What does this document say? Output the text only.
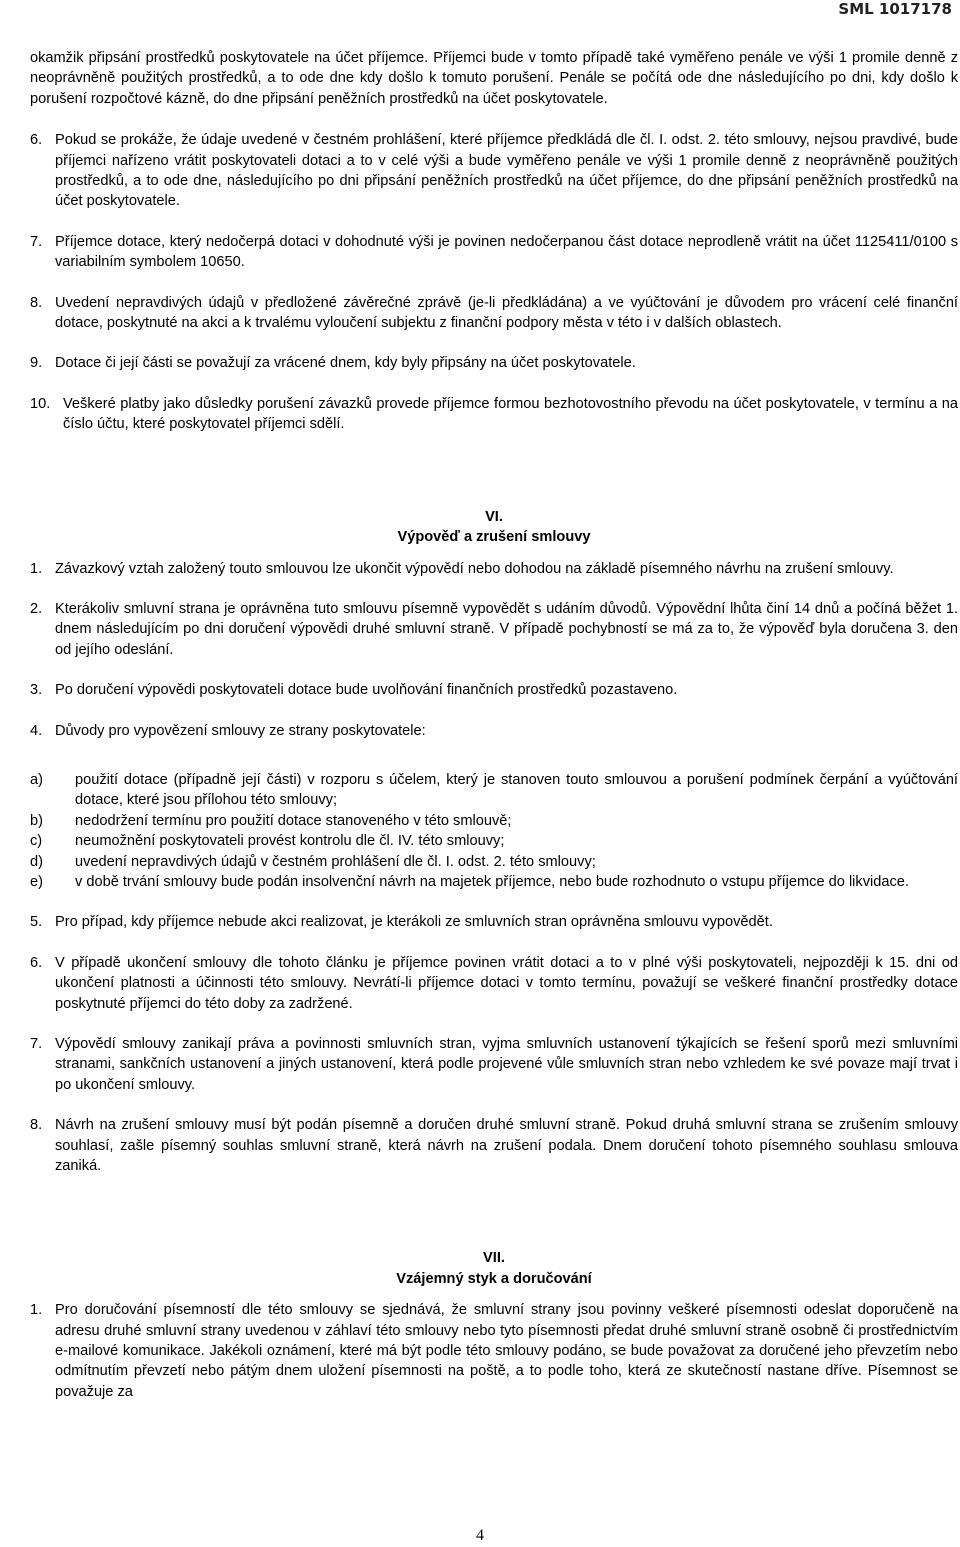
SML 1017178

okamžik připsání prostředků poskytovatele na účet příjemce. Příjemci bude v tomto případě také vyměřeno penále ve výši 1 promile denně z neoprávněně použitých prostředků, a to ode dne kdy došlo k tomuto porušení. Penále se počítá ode dne následujícího po dni, kdy došlo k porušení rozpočtové kázně, do dne připsání peněžních prostředků na účet poskytovatele.

6. Pokud se prokáže, že údaje uvedené v čestném prohlášení, které příjemce předkládá dle čl. I. odst. 2. této smlouvy, nejsou pravdivé, bude příjemci nařízeno vrátit poskytovateli dotaci a to v celé výši a bude vyměřeno penále ve výši 1 promile denně z neoprávněně použitých prostředků, a to ode dne, následujícího po dni připsání peněžních prostředků na účet příjemce, do dne připsání peněžních prostředků na účet poskytovatele.
7. Příjemce dotace, který nedočerpá dotaci v dohodnuté výši je povinen nedočerpanou část dotace neprodleně vrátit na účet 1125411/0100 s variabilním symbolem 10650.
8. Uvedení nepravdivých údajů v předložené závěrečné zprávě (je-li předkládána) a ve vyúčtování je důvodem pro vrácení celé finanční dotace, poskytnuté na akci a k trvalému vyloučení subjektu z finanční podpory města v této i v dalších oblastech.
9. Dotace či její části se považují za vrácené dnem, kdy byly připsány na účet poskytovatele.
10. Veškeré platby jako důsledky porušení závazků provede příjemce formou bezhotovostního převodu na účet poskytovatele, v termínu a na číslo účtu, které poskytovatel příjemci sdělí.
VI.
Výpověď a zrušení smlouvy
1. Závazkový vztah založený touto smlouvou lze ukončit výpovědí nebo dohodou na základě písemného návrhu na zrušení smlouvy.
2. Kterákoliv smluvní strana je oprávněna tuto smlouvu písemně vypovědět s udáním důvodů. Výpovědní lhůta činí 14 dnů a počíná běžet 1. dnem následujícím po dni doručení výpovědi druhé smluvní straně. V případě pochybností se má za to, že výpověď byla doručena 3. den od jejího odeslání.
3. Po doručení výpovědi poskytovateli dotace bude uvolňování finančních prostředků pozastaveno.
4. Důvody pro vypovězení smlouvy ze strany poskytovatele:
a)	použití dotace (případně její části) v rozporu s účelem, který je stanoven touto smlouvou a porušení podmínek čerpání a vyúčtování dotace, které jsou přílohou této smlouvy;
b)	nedodržení termínu pro použití dotace stanoveného v této smlouvě;
c)	neumožnění poskytovateli provést kontrolu dle čl. IV. této smlouvy;
d)	uvedení nepravdivých údajů v čestném prohlášení dle čl. I. odst. 2. této smlouvy;
e)	v době trvání smlouvy bude podán insolvenční návrh na majetek příjemce, nebo bude rozhodnuto o vstupu příjemce do likvidace.
5. Pro případ, kdy příjemce nebude akci realizovat, je kterákoli ze smluvních stran oprávněna smlouvu vypovědět.
6. V případě ukončení smlouvy dle tohoto článku je příjemce povinen vrátit dotaci a to v plné výši poskytovateli, nejpozději k 15. dni od ukončení platnosti a účinnosti této smlouvy. Nevrátí-li příjemce dotaci v tomto termínu, považují se veškeré finanční prostředky dotace poskytnuté příjemci do této doby za zadržené.
7. Výpovědí smlouvy zanikají práva a povinnosti smluvních stran, vyjma smluvních ustanovení týkajících se řešení sporů mezi smluvními stranami, sankčních ustanovení a jiných ustanovení, která podle projevené vůle smluvních stran nebo vzhledem ke své povaze mají trvat i po ukončení smlouvy.
8. Návrh na zrušení smlouvy musí být podán písemně a doručen druhé smluvní straně. Pokud druhá smluvní strana se zrušením smlouvy souhlasí, zašle písemný souhlas smluvní straně, která návrh na zrušení podala. Dnem doručení tohoto písemného souhlasu smlouva zaniká.
VII.
Vzájemný styk a doručování
1. Pro doručování písemností dle této smlouvy se sjednává, že smluvní strany jsou povinny veškeré písemnosti odeslat doporučeně na adresu druhé smluvní strany uvedenou v záhlaví této smlouvy nebo tyto písemnosti předat druhé smluvní straně osobně či prostřednictvím e-mailové komunikace. Jakékoli oznámení, které má být podle této smlouvy podáno, se bude považovat za doručené jeho převzetím nebo odmítnutím převzetí nebo pátým dnem uložení písemnosti na poště, a to podle toho, která ze skutečností nastane dříve. Písemnost se považuje za
4
